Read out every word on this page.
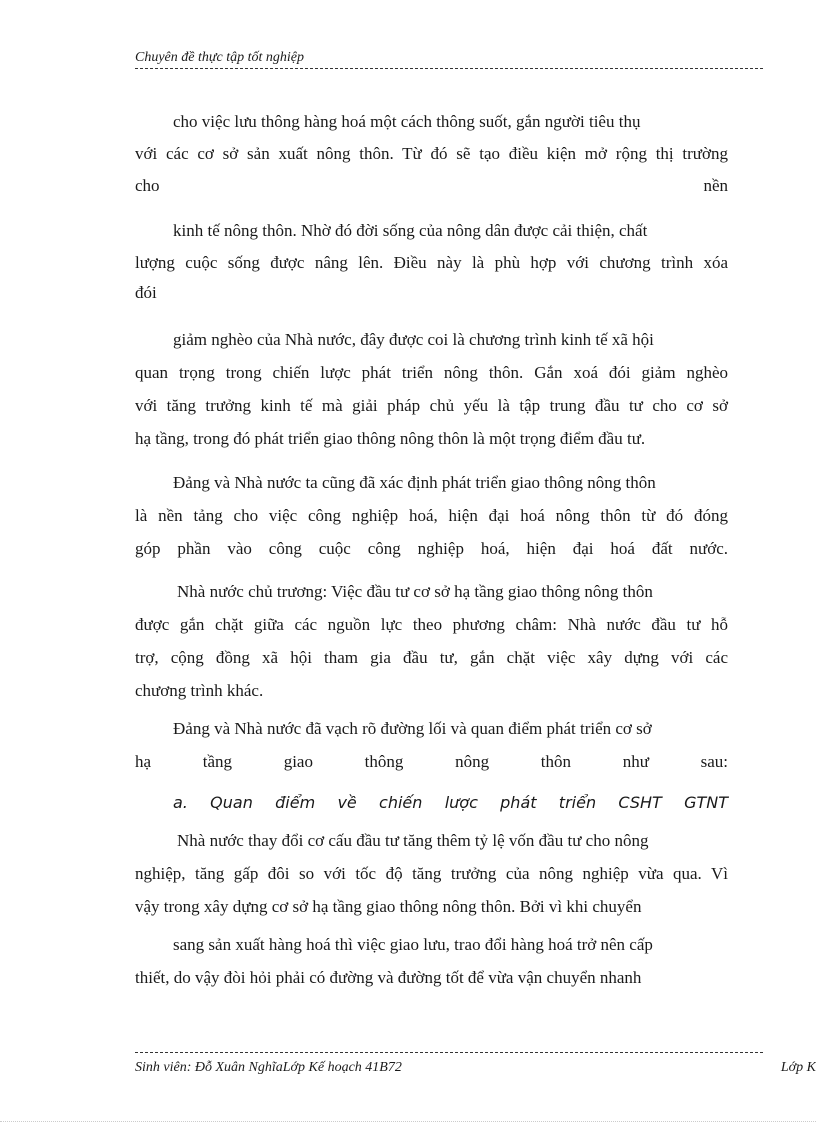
Chuyên đề thực tập tốt nghiệp
cho việc lưu thông hàng hoá một cách thông suốt, gắn người tiêu thụ
với các cơ sở sản xuất nông thôn. Từ đó sẽ tạo điều kiện mở rộng thị trường
cho	nền
kinh tế nông thôn. Nhờ đó đời sống của nông dân được cải thiện, chất
lượng cuộc sống được nâng lên. Điều này là phù hợp với chương trình xóa
đói
giảm nghèo của Nhà nước, đây được coi là chương trình kinh tế xã hội
quan trọng trong chiến lược phát triển nông thôn. Gắn xoá đói giảm nghèo
với tăng trưởng kinh tế mà giải pháp chủ yếu là tập trung đầu tư cho cơ sở
hạ tầng, trong đó phát triển giao thông nông thôn là một trọng điểm đầu tư.
Đảng và Nhà nước ta cũng đã xác định phát triển giao thông nông thôn
là nền tảng cho việc công nghiệp hoá, hiện đại hoá nông thôn từ đó đóng
góp phần vào công cuộc công nghiệp hoá, hiện đại hoá đất nước.
Nhà nước chủ trương: Việc đầu tư cơ sở hạ tầng giao thông nông thôn
được gắn chặt giữa các nguồn lực theo phương châm: Nhà nước đầu tư hỗ
trợ, cộng đồng xã hội tham gia đầu tư, gắn chặt việc xây dựng với các
chương trình khác.
Đảng và Nhà nước đã vạch rõ đường lối và quan điểm phát triển cơ sở
hạ tầng giao thông nông thôn như sau:
a. Quan điểm về chiến lược phát triển CSHT GTNT
Nhà nước thay đổi cơ cấu đầu tư tăng thêm tỷ lệ vốn đầu tư cho nông
nghiệp, tăng gấp đôi so với tốc độ tăng trưởng của nông nghiệp vừa qua. Vì
vậy trong xây dựng cơ sở hạ tầng giao thông nông thôn. Bởi vì khi chuyển
sang sản xuất hàng hoá thì việc giao lưu, trao đổi hàng hoá trở nên cấp
thiết, do vậy đòi hỏi phải có đường và đường tốt để vừa vận chuyển nhanh
Sinh viên: Đỗ Xuân NghĩaLớp Kế hoạch 41B72	Lớp K
